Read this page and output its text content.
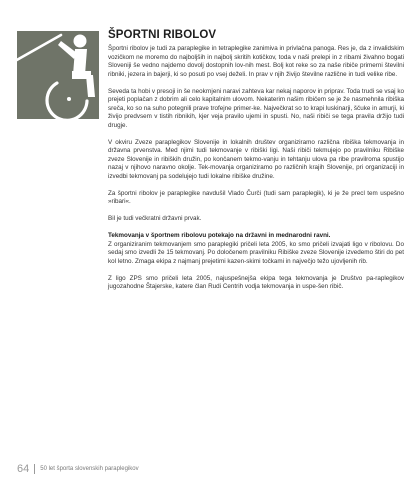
ŠPORTNI RIBOLOV

Športni ribolov je tudi za paraplegike in tetraplegike zanimiva in privlačna panoga. Res je, da z invalidskim vozičkom ne moremo do najboljših in najbolj skritih kotičkov, toda v naši prelepi in z ribami živahno bogati Sloveniji še vedno najdemo dovolj dostopnih lov-nih mest. Bolj kot reke so za naše ribiče primerni številni ribniki, jezera in bajerji, ki so posuti po vsej deželi. In prav v njih živijo številne različne in tudi velike ribe.

Seveda ta hobi v presoji in še neokrnjeni naravi zahteva kar nekaj naporov in priprav. Toda trudi se vsaj ko prejeti poplačan z dobrim ali celo kapitalnim ulovom. Nekaterim našim ribičem se je že nasmehnila ribiška sreča, ko so na suho potegnili prave trofejne primer-ke. Največkrat so to krapi luskinarji, ščuke in amurji, ki živijo predvsem v tistih ribnikih, kjer veja pravilo ujemi in spusti. No, naši ribiči se tega pravila držijo tudi drugje.

V okviru Zveze paraplegikov Slovenije in lokalnih društev organiziramo različna ribiška tekmovanja in državna prvenstva. Med njimi tudi tekmovanje v ribiški ligi. Naši ribiči tekmujejo po pravilniku Ribiške zveze Slovenije in ribiških družin, po končanem tekmo-vanju in tehtanju ulova pa ribe pravilroma spustijo nazaj v njihovo naravno okolje. Tek-movanja organiziramo po različnih krajih Slovenije, pri organizaciji in izvedbi tekmovanj pa sodelujejo tudi lokalne ribiške družine.

Za športni ribolov je paraplegike navdušil Vlado Čurči (tudi sam paraplegik), ki je že precl tem uspešno »ribari«.

Bil je tudi večkratni državni prvak.

Tekmovanja v športnem ribolovu potekajo na državni in mednarodni ravni.

Z organiziranim tekmovanjem smo paraplegiki pričeli leta 2005, ko smo pričeli izvajati ligo v ribolovu. Do sedaj smo izvedli že 15 tekmovanj. Po določenem pravilniku Ribiške zveze Slovenije izvedemo štiri do pet kol letno. Zmaga ekipa z najmanj prejetimi kazen-skimi točkami in največjo težo ujovljenih rib.

Z ligo ZPS smo pričeli leta 2005, najuspešnejša ekipa tega tekmovanja je Društvo pa-raplegikov jugozahodne Štajerske, katere član Rudi Centrih vodja tekmovanja in uspe-šen ribič.

64 50 let športa slovenskih paraplegikov
